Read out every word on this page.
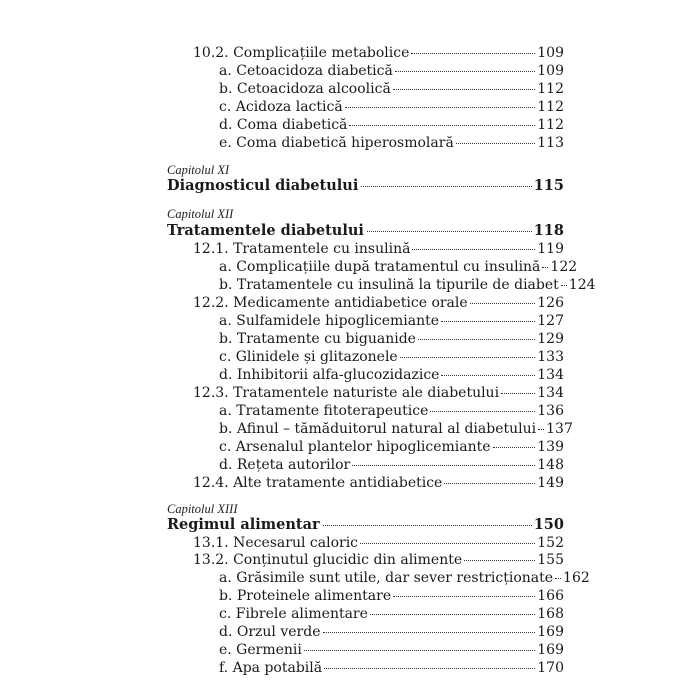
10.2. Complicațiile metabolice	109
a. Cetoacidoza diabetică	109
b. Cetoacidoza alcoolică	112
c. Acidoza lactică	112
d. Coma diabetică	112
e. Coma diabetică hiperosmolară	113
Capitolul XI
Diagnosticul diabetului	115
Capitolul XII
Tratamentele diabetului	118
12.1. Tratamentele cu insulină	119
a. Complicațiile după tratamentul cu insulină 122
b. Tratamentele cu insulină la tipurile de diabet 124
12.2. Medicamente antidiabetice orale	126
a. Sulfamidele hipoglicemiante	127
b. Tratamente cu biguanide	129
c. Glinidele și glitazonele	133
d. Inhibitorii alfa-glucozidazice	134
12.3. Tratamentele naturiste ale diabetului	134
a. Tratamente fitoterapeutice	136
b. Afinul – tămăduitorul natural al diabetului 137
c. Arsenalul plantelor hipoglicemiante	139
d. Rețeta autorilor	148
12.4. Alte tratamente antidiabetice	149
Capitolul XIII
Regimul alimentar	150
13.1. Necesarul caloric	152
13.2. Conținutul glucidic din alimente	155
a. Grăsimile sunt utile, dar sever restricționate 162
b. Proteinele alimentare	166
c. Fibrele alimentare	168
d. Orzul verde	169
e. Germenii	169
f. Apa potabilă	170
